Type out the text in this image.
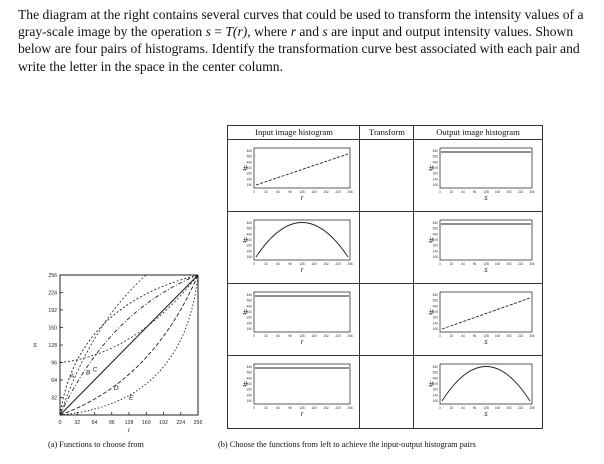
The diagram at the right contains several curves that could be used to transform the intensity values of a gray-scale image by the operation s = T(r), where r and s are input and output intensity values. Shown below are four pairs of histograms. Identify the transformation curve best associated with each pair and write the letter in the space in the center column.

0 32 64 96 128 160 192 224 256
32
64
96
128
160
192
224
256
r
s
A B C
D
E
Input image histogram	Transform	Output image histogram
0	32	64	96 128 160 192 224 256
640
560
480
400
320
240
160
#
r
0	32 64 96 128 160 192 224 256
640
560
480
400
320
240
160
#
s
0	32	64	96 128 160 192 224 256
640
560
480
400
320
240
160
#
r
0	32 64 96 128 160 192 224 256
640
560
480
400
320
240
160
#
s
0	32	64	96 128 160 192 224 256
640
560
480
400
320
240
160
#
r
0	32 64 96 128 160 192 224 256
640
560
480
400
320
240
160
#
s
0	32	64	96 128 160 192 224 256
640
560
480
400
320
240
160
#
r
0	32 64 96 128 160 192 224 256
640
560
480
400
320
240
160
#
s
(a) Functions to choose from	(b) Choose the functions from left to achieve the input-output histogram pairs
